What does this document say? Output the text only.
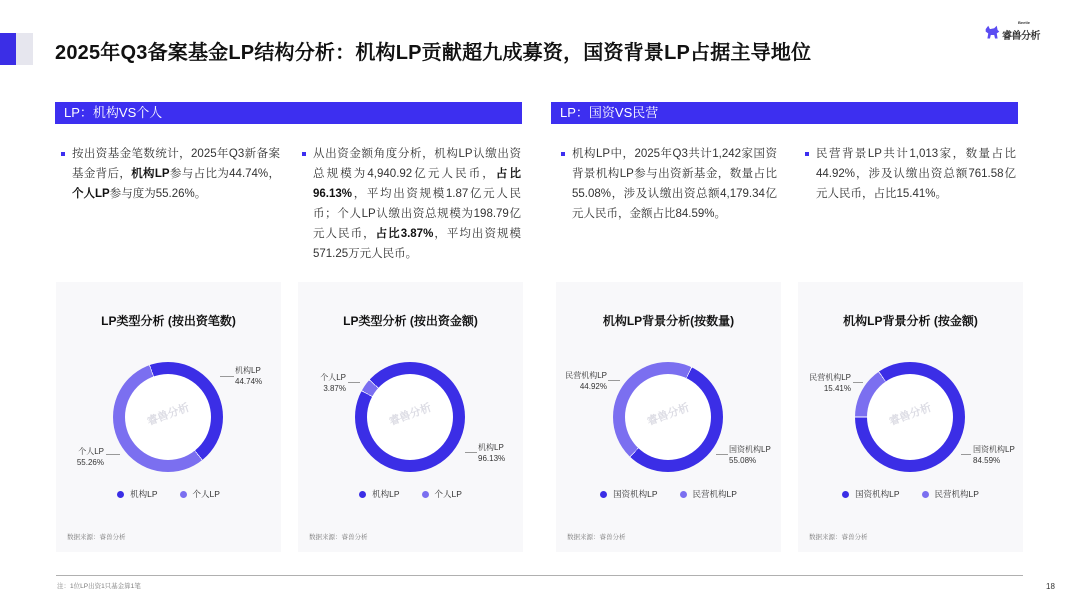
2025年Q3备案基金LP结构分析：机构LP贡献超九成募资，国资背景LP占据主导地位
Beetle
睿兽分析
LP：机构VS个人	LP：国资VS民营
按出资基金笔数统计，2025年Q3新备案基金背后，机构LP参与占比为44.74%，个人LP参与度为55.26%。
从出资金额角度分析，机构LP认缴出资总规模为4,940.92亿元人民币，占比96.13%，平均出资规模1.87亿元人民币；个人LP认缴出资总规模为198.79亿元人民币，占比3.87%，平均出资规模571.25万元人民币。
机构LP中，2025年Q3共计1,242家国资背景机构LP参与出资新基金，数量占比55.08%，涉及认缴出资总额4,179.34亿元人民币，金额占比84.59%。
民营背景LP共计1,013家，数量占比44.92%，涉及认缴出资总额761.58亿元人民币，占比15.41%。
LP类型分析 (按出资笔数)
睿兽分析
机构LP
44.74%
个人LP
55.26%
机构LP	个人LP
数据来源：睿兽分析
LP类型分析 (按出资金额)
睿兽分析
个人LP
3.87%
机构LP
96.13%
机构LP	个人LP
数据来源：睿兽分析
机构LP背景分析(按数量)
睿兽分析
民营机构LP
44.92%
国资机构LP
55.08%
国资机构LP	民营机构LP
数据来源：睿兽分析
机构LP背景分析 (按金额)
睿兽分析
民营机构LP
15.41%
国资机构LP
84.59%
国资机构LP	民营机构LP
数据来源：睿兽分析
注：1位LP出资1只基金算1笔	18
